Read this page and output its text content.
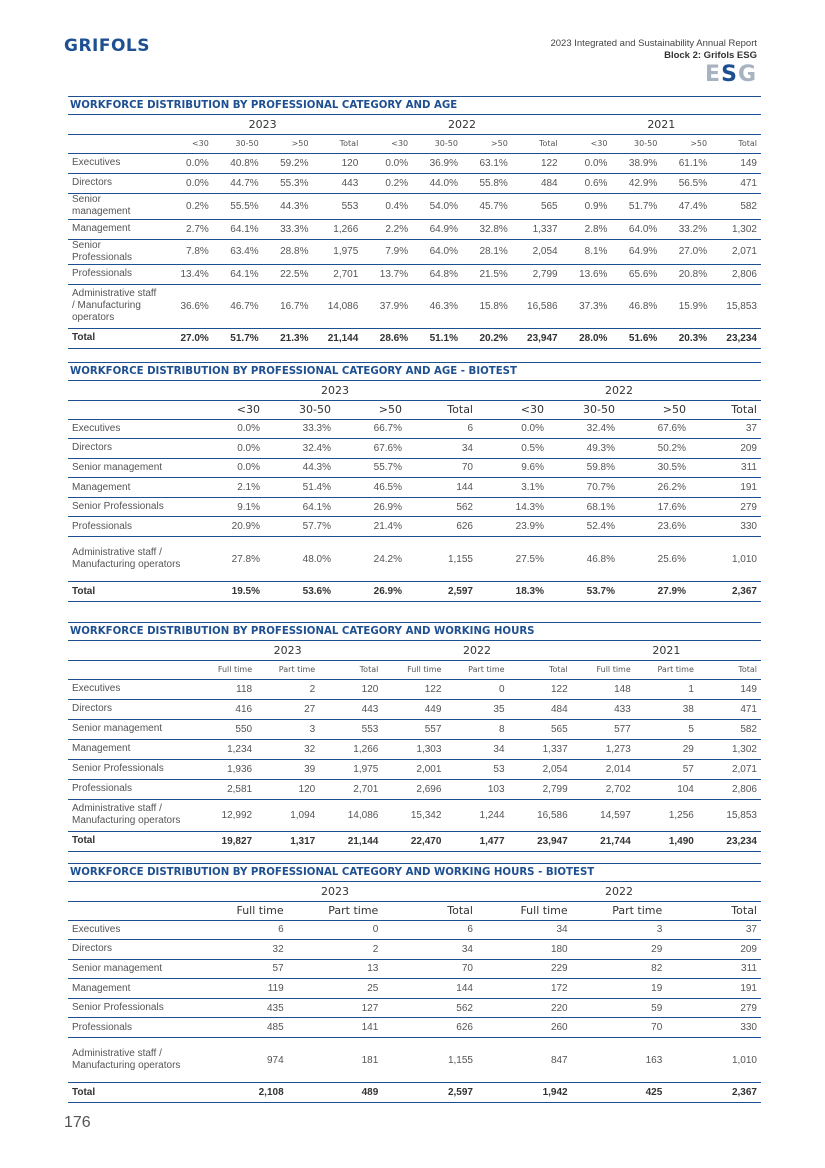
GRIFOLS	2023 Integrated and Sustainability Annual Report
Block 2: Grifols ESG
ESG
WORKFORCE DISTRIBUTION BY PROFESSIONAL CATEGORY AND AGE
	2023				2022				2021			
	<30	30-50	>50	Total	<30	30-50	>50	Total	<30	30-50	>50	Total
Executives	0.0%	40.8%	59.2%	120	0.0%	36.9%	63.1%	122	0.0%	38.9%	61.1%	149
Directors	0.0%	44.7%	55.3%	443	0.2%	44.0%	55.8%	484	0.6%	42.9%	56.5%	471
Senior management	0.2%	55.5%	44.3%	553	0.4%	54.0%	45.7%	565	0.9%	51.7%	47.4%	582
Management	2.7%	64.1%	33.3%	1,266	2.2%	64.9%	32.8%	1,337	2.8%	64.0%	33.2%	1,302
Senior Professionals	7.8%	63.4%	28.8%	1,975	7.9%	64.0%	28.1%	2,054	8.1%	64.9%	27.0%	2,071
Professionals	13.4%	64.1%	22.5%	2,701	13.7%	64.8%	21.5%	2,799	13.6%	65.6%	20.8%	2,806
Administrative staff / Manufacturing operators	36.6%	46.7%	16.7%	14,086	37.9%	46.3%	15.8%	16,586	37.3%	46.8%	15.9%	15,853
Total	27.0%	51.7%	21.3%	21,144	28.6%	51.1%	20.2%	23,947	28.0%	51.6%	20.3%	23,234
WORKFORCE DISTRIBUTION BY PROFESSIONAL CATEGORY AND AGE - BIOTEST
	2023				2022			
	<30	30-50	>50	Total	<30	30-50	>50	Total
Executives	0.0%	33.3%	66.7%	6	0.0%	32.4%	67.6%	37
Directors	0.0%	32.4%	67.6%	34	0.5%	49.3%	50.2%	209
Senior management	0.0%	44.3%	55.7%	70	9.6%	59.8%	30.5%	311
Management	2.1%	51.4%	46.5%	144	3.1%	70.7%	26.2%	191
Senior Professionals	9.1%	64.1%	26.9%	562	14.3%	68.1%	17.6%	279
Professionals	20.9%	57.7%	21.4%	626	23.9%	52.4%	23.6%	330
Administrative staff / Manufacturing operators	27.8%	48.0%	24.2%	1,155	27.5%	46.8%	25.6%	1,010
Total	19.5%	53.6%	26.9%	2,597	18.3%	53.7%	27.9%	2,367
WORKFORCE DISTRIBUTION BY PROFESSIONAL CATEGORY AND WORKING HOURS
	2023			2022			2021		
	Full time	Part time	Total	Full time	Part time	Total	Full time	Part time	Total
Executives	118	2	120	122	0	122	148	1	149
Directors	416	27	443	449	35	484	433	38	471
Senior management	550	3	553	557	8	565	577	5	582
Management	1,234	32	1,266	1,303	34	1,337	1,273	29	1,302
Senior Professionals	1,936	39	1,975	2,001	53	2,054	2,014	57	2,071
Professionals	2,581	120	2,701	2,696	103	2,799	2,702	104	2,806
Administrative staff / Manufacturing operators	12,992	1,094	14,086	15,342	1,244	16,586	14,597	1,256	15,853
Total	19,827	1,317	21,144	22,470	1,477	23,947	21,744	1,490	23,234
WORKFORCE DISTRIBUTION BY PROFESSIONAL CATEGORY AND WORKING HOURS - BIOTEST
	2023			2022		
	Full time	Part time	Total	Full time	Part time	Total
Executives	6	0	6	34	3	37
Directors	32	2	34	180	29	209
Senior management	57	13	70	229	82	311
Management	119	25	144	172	19	191
Senior Professionals	435	127	562	220	59	279
Professionals	485	141	626	260	70	330
Administrative staff / Manufacturing operators	974	181	1,155	847	163	1,010
Total	2,108	489	2,597	1,942	425	2,367
176
